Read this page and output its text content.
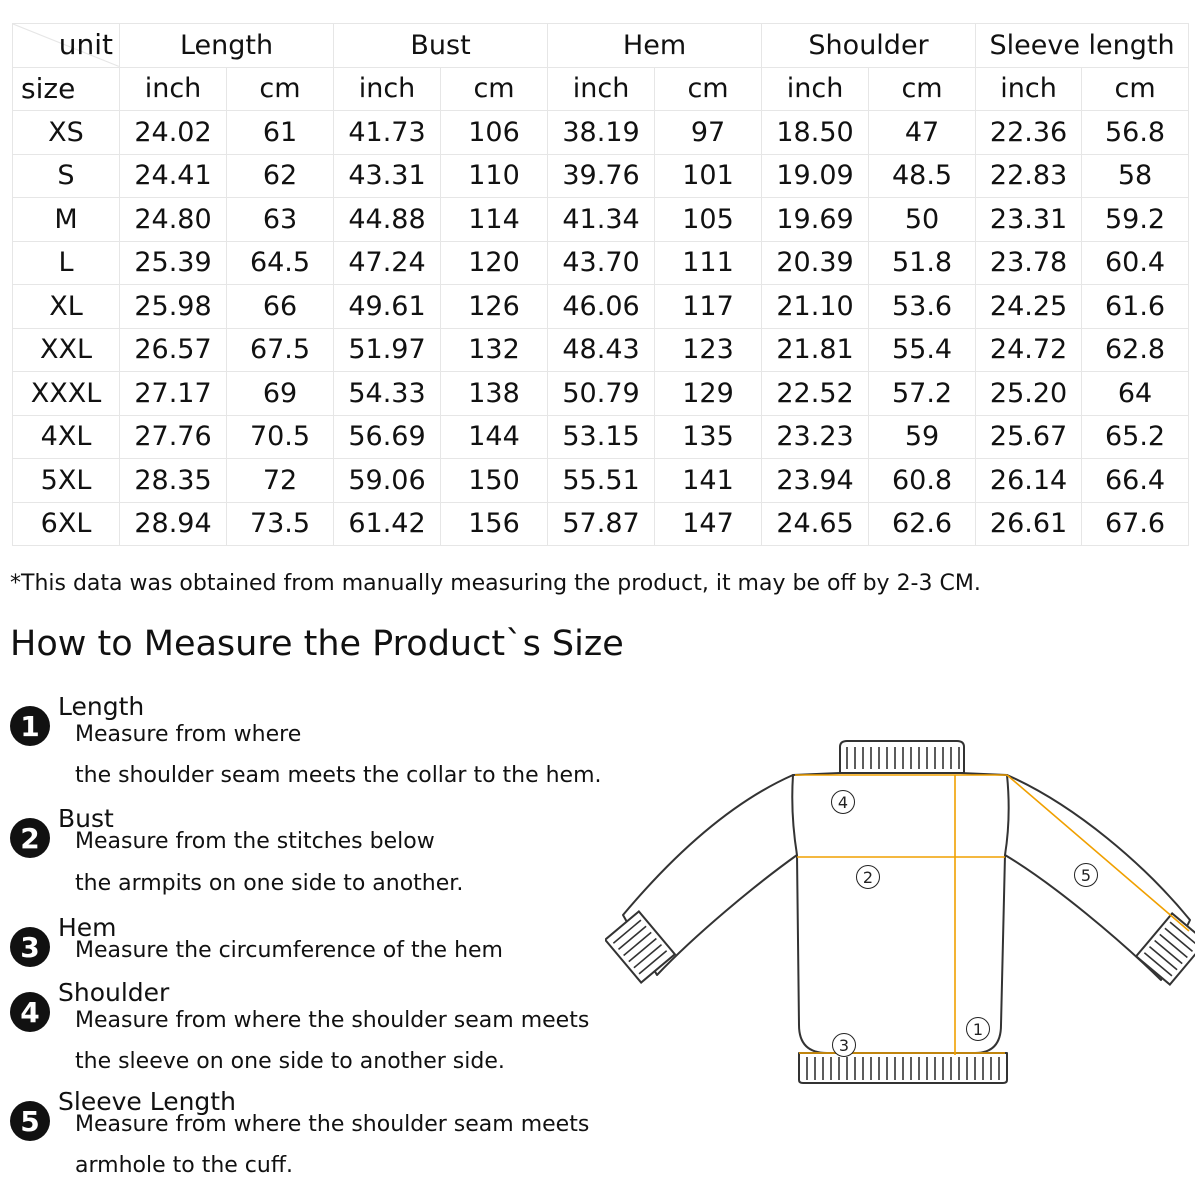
unit	Length		Bust		Hem		Shoulder		Sleeve length	
size	inch	cm	inch	cm	inch	cm	inch	cm	inch	cm
XS	24.02	61	41.73	106	38.19	97	18.50	47	22.36	56.8
S	24.41	62	43.31	110	39.76	101	19.09	48.5	22.83	58
M	24.80	63	44.88	114	41.34	105	19.69	50	23.31	59.2
L	25.39	64.5	47.24	120	43.70	111	20.39	51.8	23.78	60.4
XL	25.98	66	49.61	126	46.06	117	21.10	53.6	24.25	61.6
XXL	26.57	67.5	51.97	132	48.43	123	21.81	55.4	24.72	62.8
XXXL	27.17	69	54.33	138	50.79	129	22.52	57.2	25.20	64
4XL	27.76	70.5	56.69	144	53.15	135	23.23	59	25.67	65.2
5XL	28.35	72	59.06	150	55.51	141	23.94	60.8	26.14	66.4
6XL	28.94	73.5	61.42	156	57.87	147	24.65	62.6	26.61	67.6
*This data was obtained from manually measuring the product, it may be off by 2-3 CM.
How to Measure the Product`s Size
1
Length
Measure from where
the shoulder seam meets the collar to the hem.
2
Bust
Measure from the stitches below
the armpits on one side to another.
3
Hem
Measure the circumference of the hem
4
Shoulder
Measure from where the shoulder seam meets
the sleeve on one side to another side.
5
Sleeve Length
Measure from where the shoulder seam meets
armhole to the cuff.
4
2	5
1
3
